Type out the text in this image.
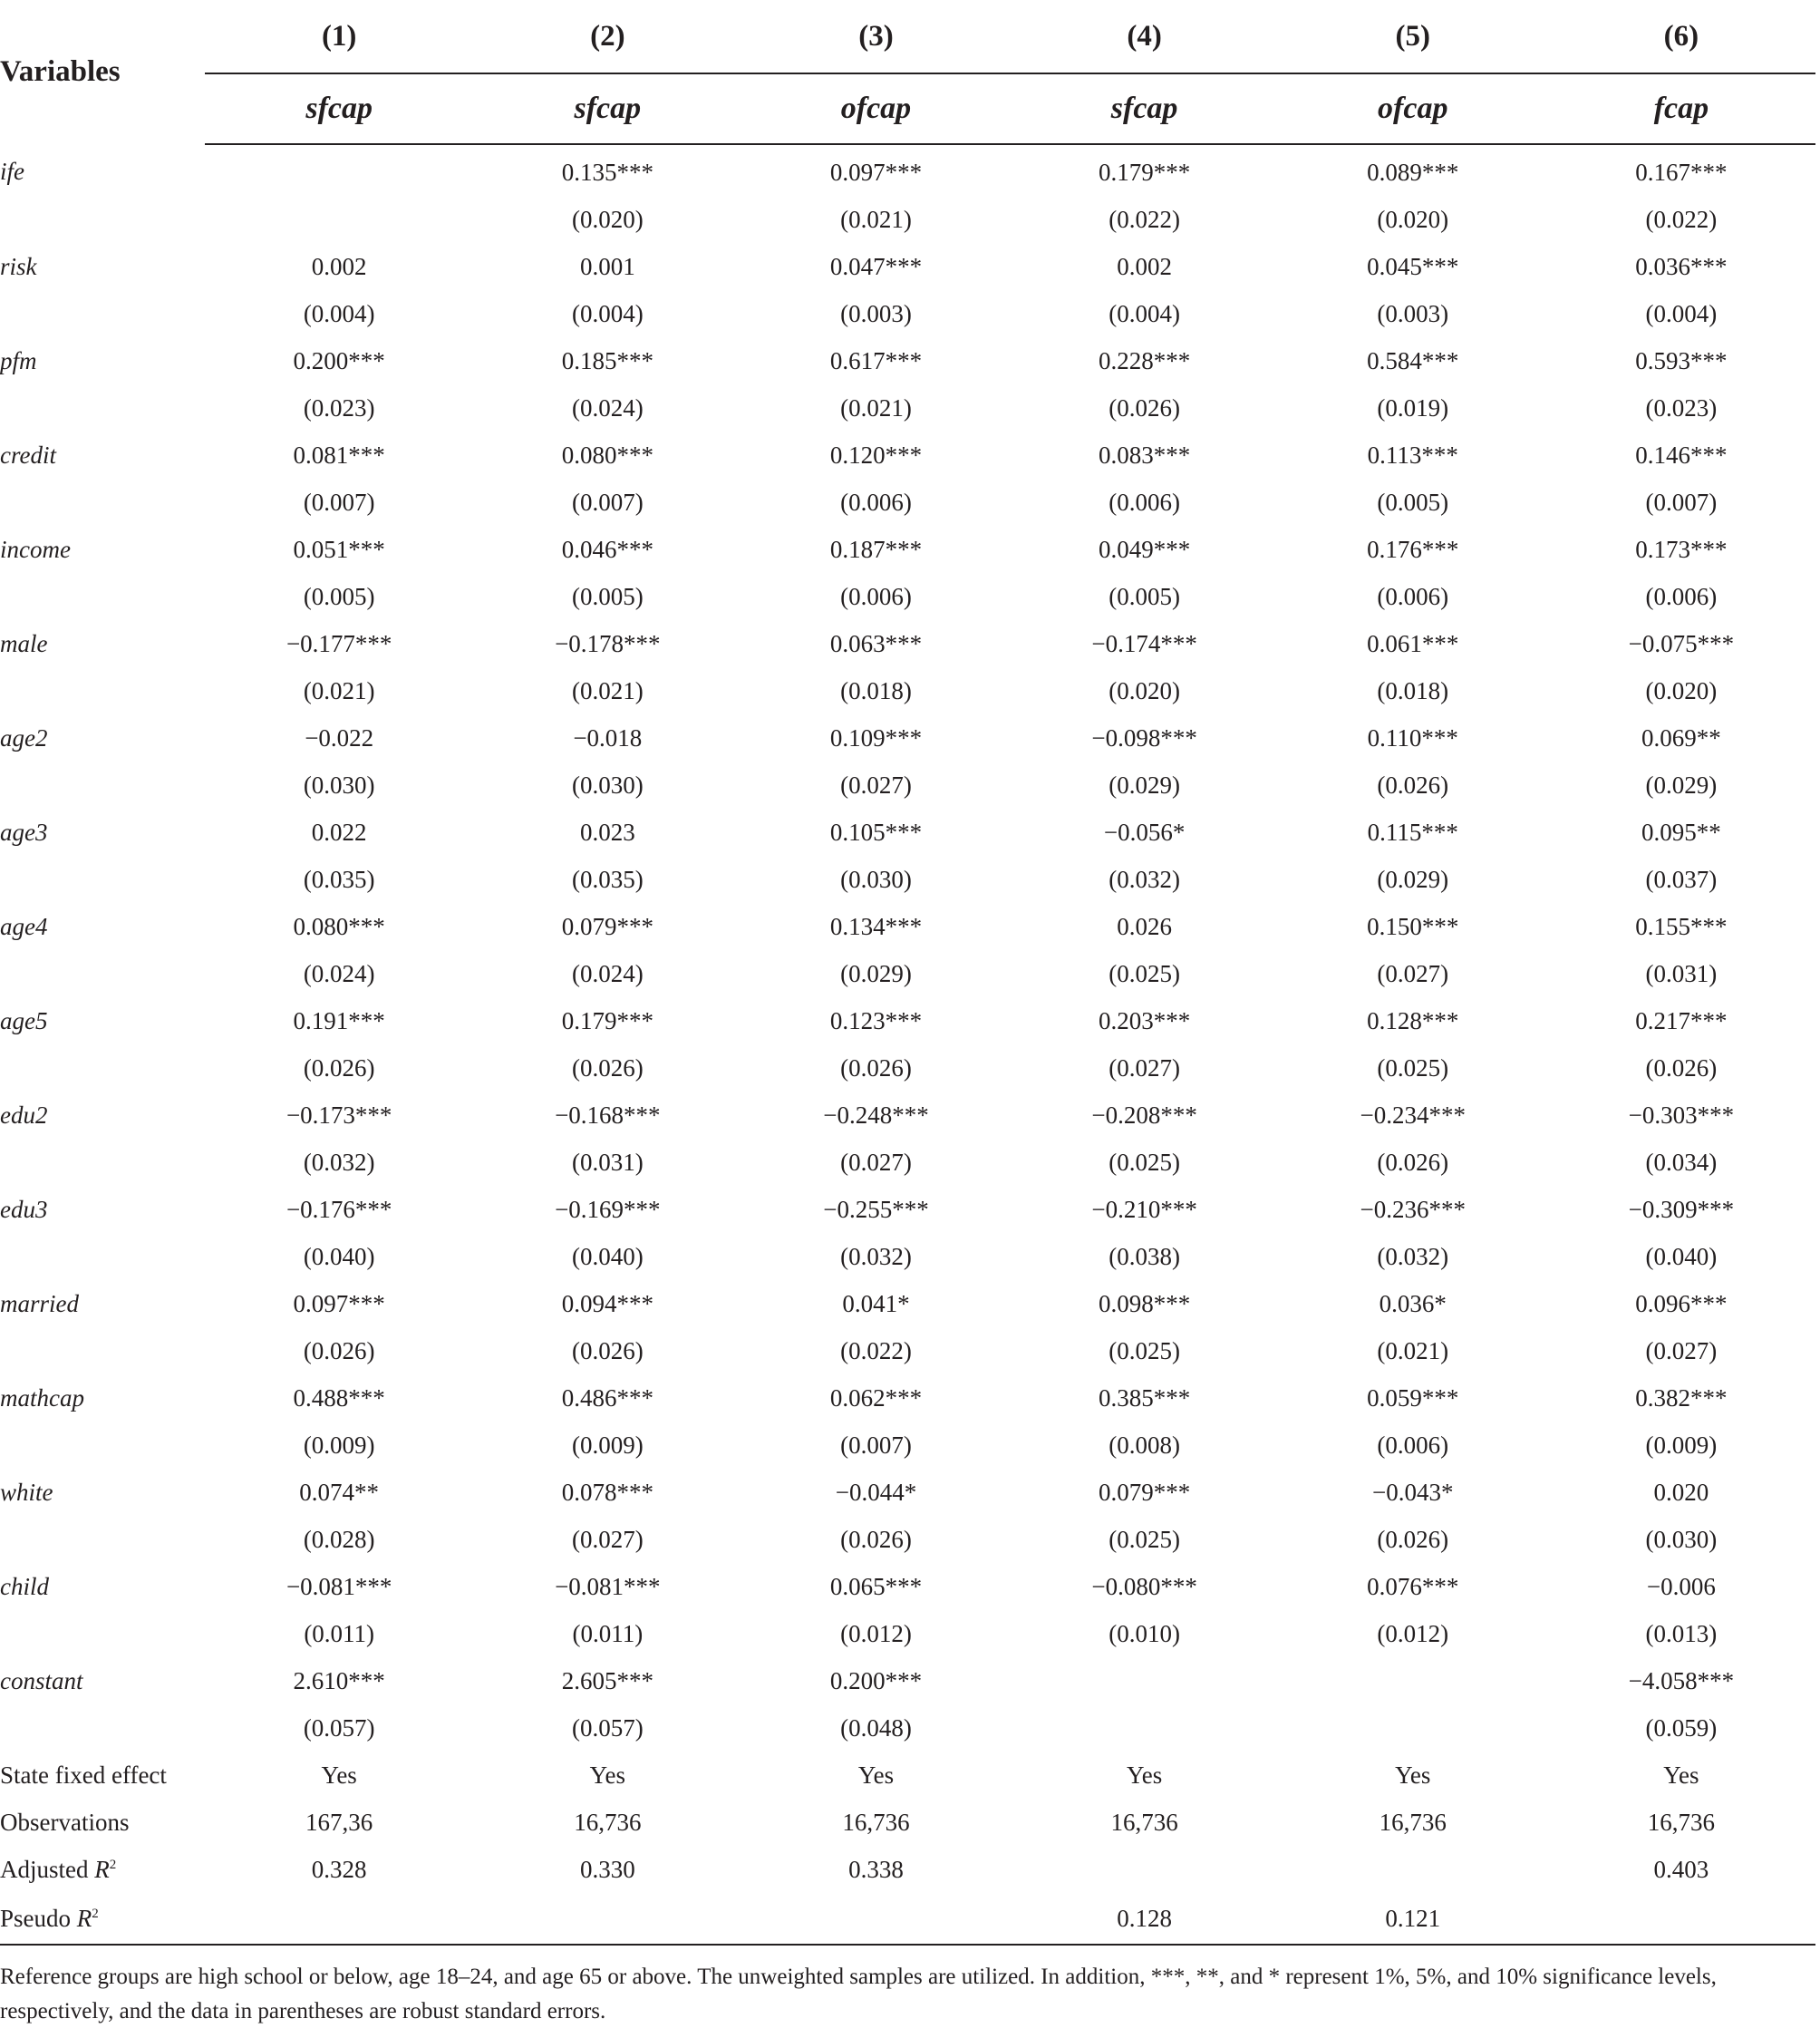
Variables	(1)	(2)	(3)	(4)	(5)	(6)
	sfcap	sfcap	ofcap	sfcap	ofcap	fcap
ife		0.135***	0.097***	0.179***	0.089***	0.167***
		(0.020)	(0.021)	(0.022)	(0.020)	(0.022)
risk	0.002	0.001	0.047***	0.002	0.045***	0.036***
	(0.004)	(0.004)	(0.003)	(0.004)	(0.003)	(0.004)
pfm	0.200***	0.185***	0.617***	0.228***	0.584***	0.593***
	(0.023)	(0.024)	(0.021)	(0.026)	(0.019)	(0.023)
credit	0.081***	0.080***	0.120***	0.083***	0.113***	0.146***
	(0.007)	(0.007)	(0.006)	(0.006)	(0.005)	(0.007)
income	0.051***	0.046***	0.187***	0.049***	0.176***	0.173***
	(0.005)	(0.005)	(0.006)	(0.005)	(0.006)	(0.006)
male	−0.177***	−0.178***	0.063***	−0.174***	0.061***	−0.075***
	(0.021)	(0.021)	(0.018)	(0.020)	(0.018)	(0.020)
age2	−0.022	−0.018	0.109***	−0.098***	0.110***	0.069**
	(0.030)	(0.030)	(0.027)	(0.029)	(0.026)	(0.029)
age3	0.022	0.023	0.105***	−0.056*	0.115***	0.095**
	(0.035)	(0.035)	(0.030)	(0.032)	(0.029)	(0.037)
age4	0.080***	0.079***	0.134***	0.026	0.150***	0.155***
	(0.024)	(0.024)	(0.029)	(0.025)	(0.027)	(0.031)
age5	0.191***	0.179***	0.123***	0.203***	0.128***	0.217***
	(0.026)	(0.026)	(0.026)	(0.027)	(0.025)	(0.026)
edu2	−0.173***	−0.168***	−0.248***	−0.208***	−0.234***	−0.303***
	(0.032)	(0.031)	(0.027)	(0.025)	(0.026)	(0.034)
edu3	−0.176***	−0.169***	−0.255***	−0.210***	−0.236***	−0.309***
	(0.040)	(0.040)	(0.032)	(0.038)	(0.032)	(0.040)
married	0.097***	0.094***	0.041*	0.098***	0.036*	0.096***
	(0.026)	(0.026)	(0.022)	(0.025)	(0.021)	(0.027)
mathcap	0.488***	0.486***	0.062***	0.385***	0.059***	0.382***
	(0.009)	(0.009)	(0.007)	(0.008)	(0.006)	(0.009)
white	0.074**	0.078***	−0.044*	0.079***	−0.043*	0.020
	(0.028)	(0.027)	(0.026)	(0.025)	(0.026)	(0.030)
child	−0.081***	−0.081***	0.065***	−0.080***	0.076***	−0.006
	(0.011)	(0.011)	(0.012)	(0.010)	(0.012)	(0.013)
constant	2.610***	2.605***	0.200***			−4.058***
	(0.057)	(0.057)	(0.048)			(0.059)
State fixed effect	Yes	Yes	Yes	Yes	Yes	Yes
Observations	167,36	16,736	16,736	16,736	16,736	16,736
Adjusted $R^2$	0.328	0.330	0.338			0.403
Pseudo $R^2$				0.128	0.121	
Reference groups are high school or below, age 18–24, and age 65 or above. The unweighted samples are utilized. In addition, ***, **, and * represent 1%, 5%, and 10% significance levels, respectively, and the data in parentheses are robust standard errors.
